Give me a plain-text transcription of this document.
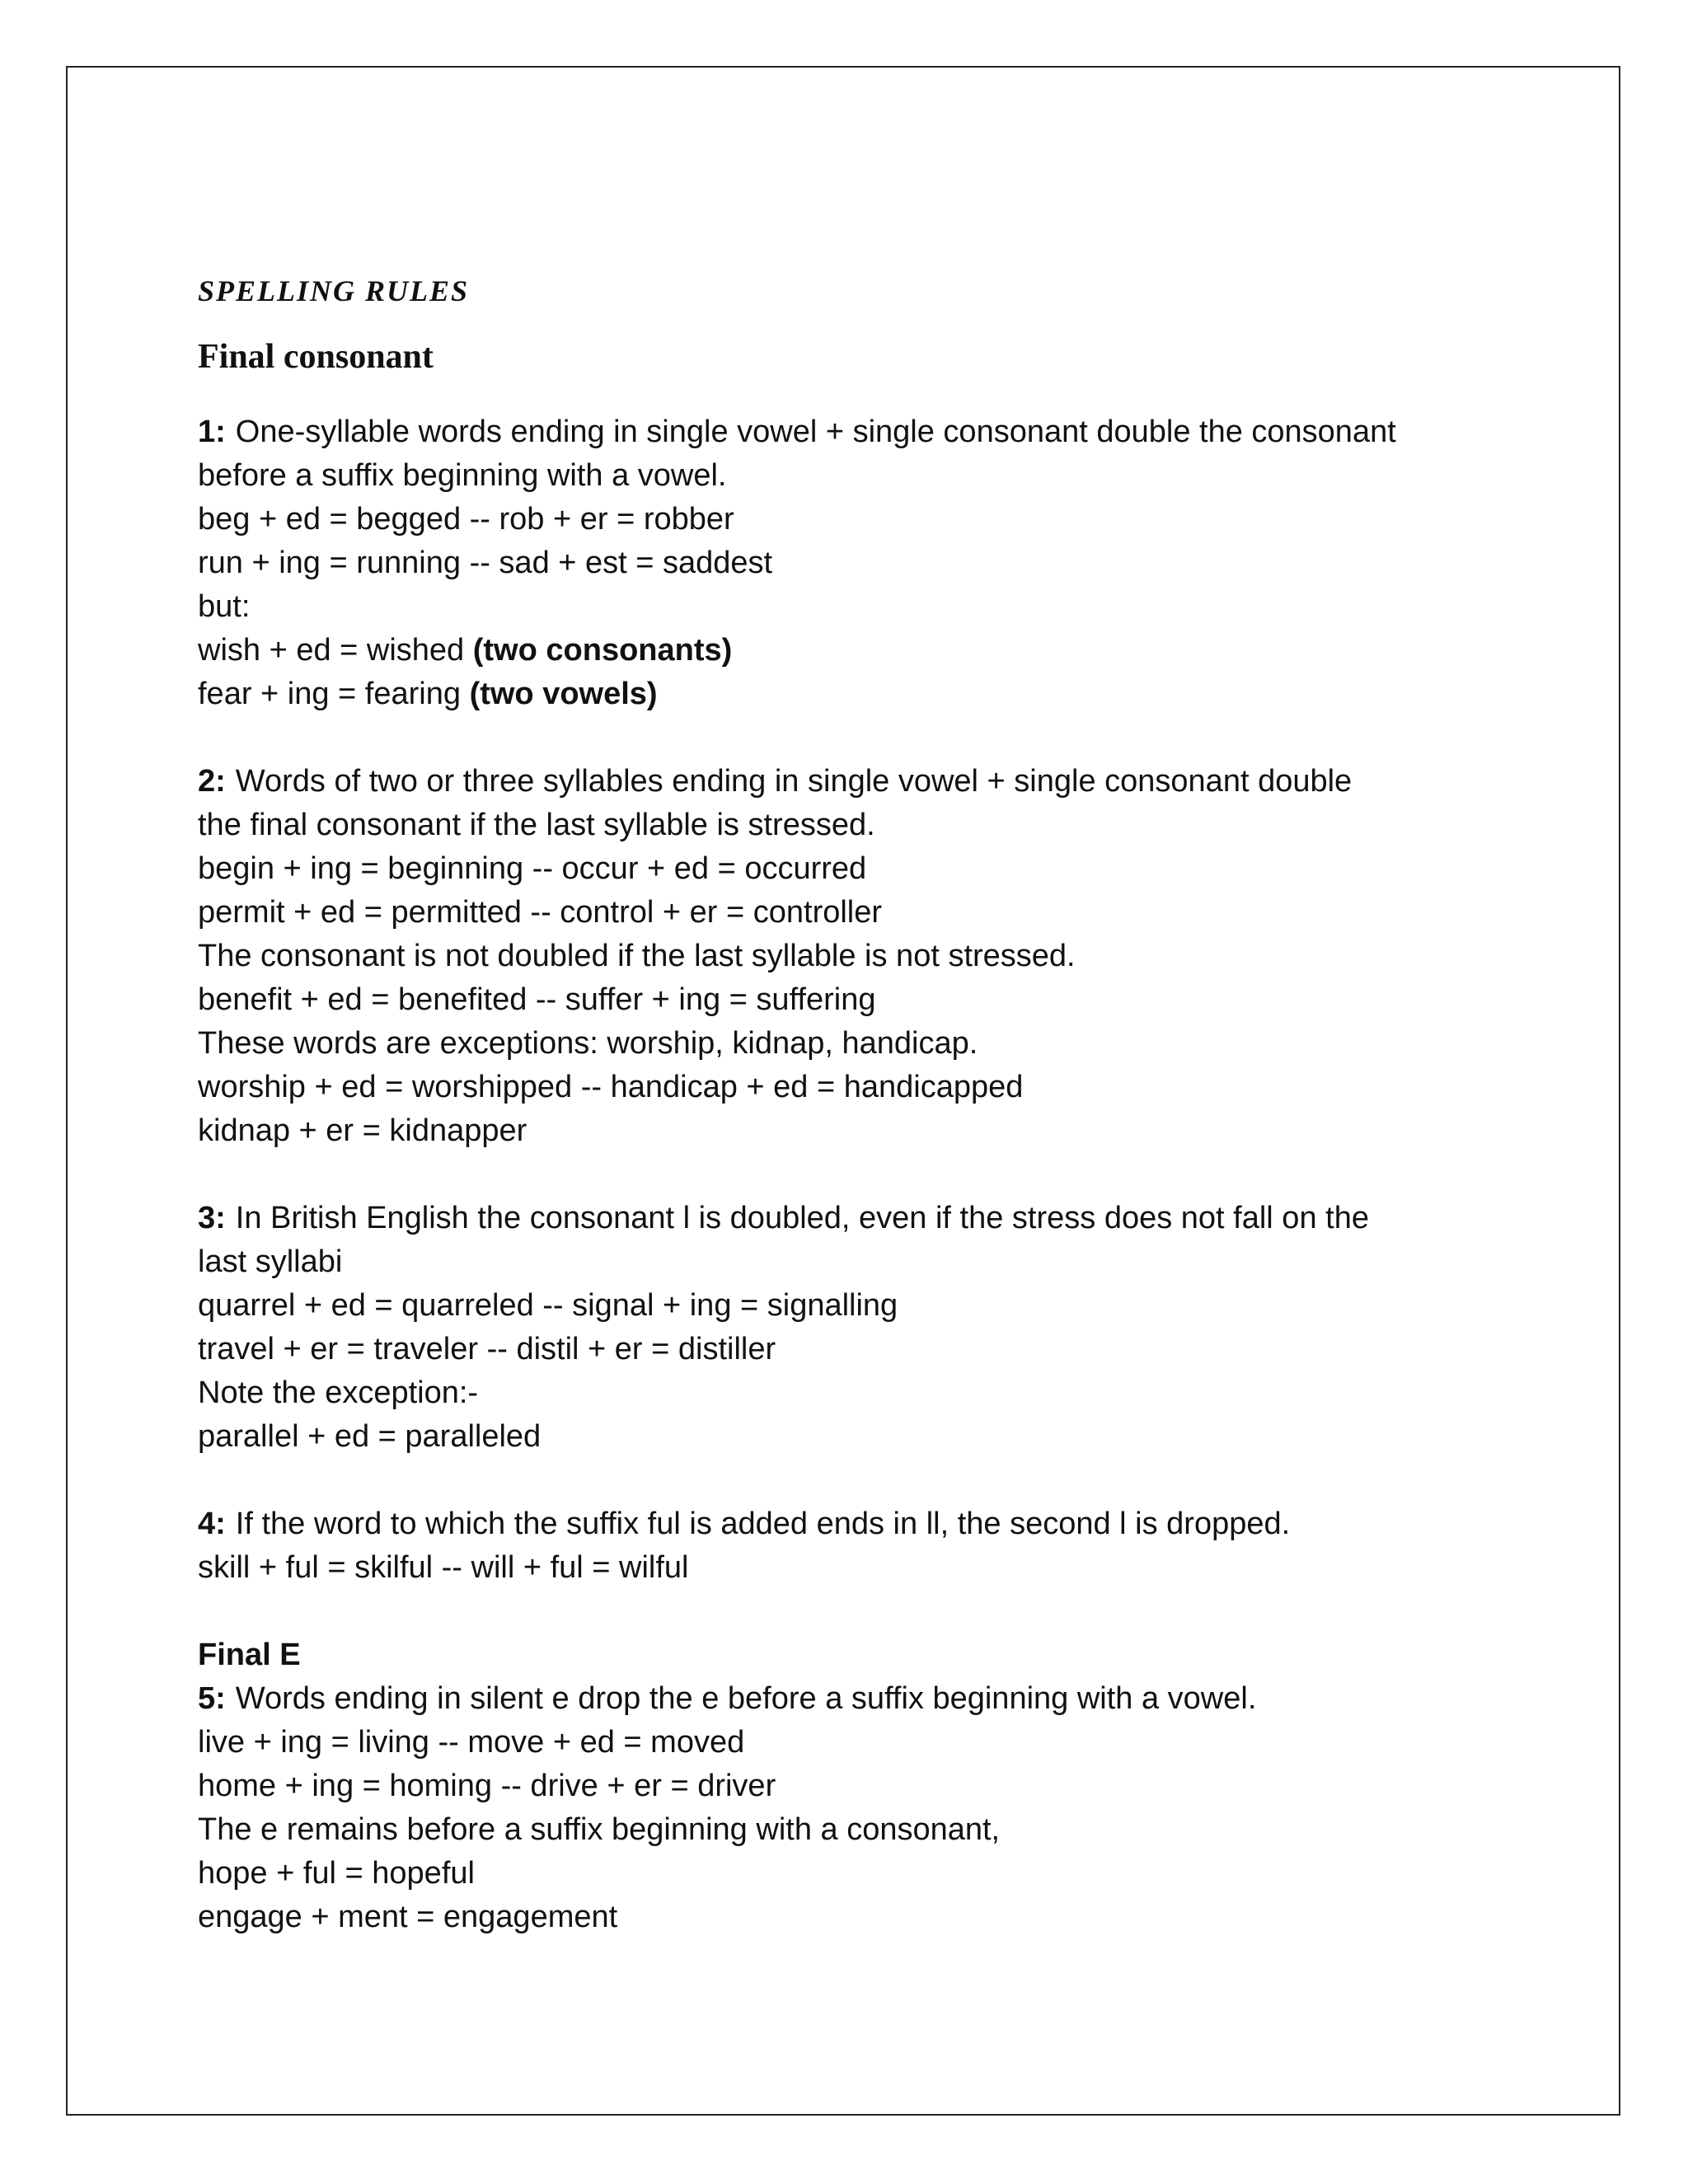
SPELLING RULES
Final consonant
1: One-syllable words ending in single vowel + single consonant double the consonant
before a suffix beginning with a vowel.
beg + ed = begged -- rob + er = robber
run + ing = running -- sad + est = saddest
but:
wish + ed = wished (two consonants)
fear + ing = fearing (two vowels)
2: Words of two or three syllables ending in single vowel + single consonant double
the final consonant if the last syllable is stressed.
begin + ing = beginning -- occur + ed = occurred
permit + ed = permitted -- control + er = controller
The consonant is not doubled if the last syllable is not stressed.
benefit + ed = benefited -- suffer + ing = suffering
These words are exceptions: worship, kidnap, handicap.
worship + ed = worshipped -- handicap + ed = handicapped
kidnap + er = kidnapper
3: In British English the consonant l is doubled, even if the stress does not fall on the
last syllabi
quarrel + ed = quarreled -- signal + ing = signalling
travel + er = traveler -- distil + er = distiller
Note the exception:-
parallel + ed = paralleled
4: If the word to which the suffix ful is added ends in ll, the second l is dropped.
skill + ful = skilful -- will + ful = wilful
Final E
5: Words ending in silent e drop the e before a suffix beginning with a vowel.
live + ing = living -- move + ed = moved
home + ing = homing -- drive + er = driver
The e remains before a suffix beginning with a consonant,
hope + ful = hopeful
engage + ment = engagement
